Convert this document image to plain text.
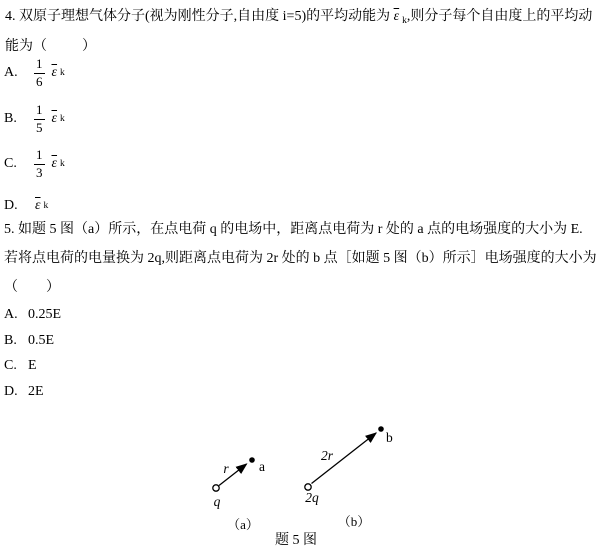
4. 双原子理想气体分子(视为刚性分子,自由度 i=5)的平均动能为 $\overline{\varepsilon}$ $_k$,则分子每个自由度上的平均动
能为（          ）
A.	$\frac{1}{6} \overline{\varepsilon}$ k
B.	$\frac{1}{5} \overline{\varepsilon}$ k
C.	$\frac{1}{3} \overline{\varepsilon}$ k
D.	$\overline{\varepsilon}$ k
5. 如题 5 图（a）所示，在点电荷 q 的电场中，距离点电荷为 r 处的 a 点的电场强度的大小为 E.
若将点电荷的电量换为 2q,则距离点电荷为 2r 处的 b 点［如题 5 图（b）所示］电场强度的大小为
（        ）
A. 0.25E
B. 0.5E
C. E
D. 2E
r a
q
（a）
2r
b
2q
（b）
题 5 图
